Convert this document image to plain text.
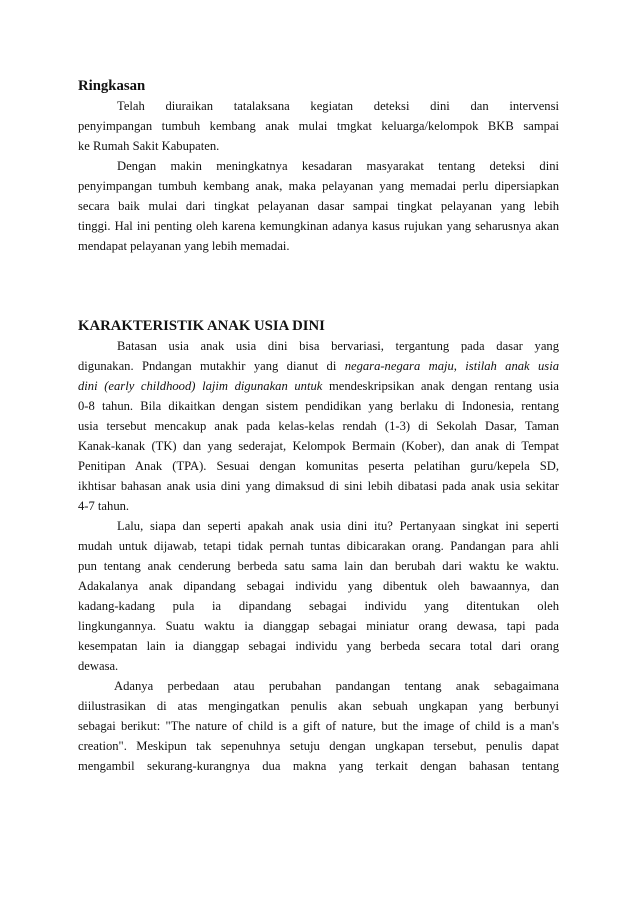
Ringkasan

Telah diuraikan tatalaksana kegiatan deteksi dini dan intervensi
penyimpangan tumbuh kembang anak mulai tmgkat keluarga/kelompok BKB sampai
ke Rumah Sakit Kabupaten.

Dengan makin meningkatnya kesadaran masyarakat tentang deteksi dini
penyimpangan tumbuh kembang anak, maka pelayanan yang memadai perlu dipersiapkan
secara baik mulai dari tingkat pelayanan dasar sampai tingkat pelayanan yang lebih
tinggi. Hal ini penting oleh karena kemungkinan adanya kasus rujukan yang seharusnya akan
mendapat pelayanan yang lebih memadai.

KARAKTERISTIK ANAK USIA DINI

Batasan usia anak usia dini bisa bervariasi, tergantung pada dasar yang
digunakan. Pndangan mutakhir yang dianut di negara-negara maju, istilah anak usia
dini (early childhood) lajim digunakan untuk mendeskripsikan anak dengan rentang usia
0-8 tahun. Bila dikaitkan dengan sistem pendidikan yang berlaku di Indonesia, rentang
usia tersebut mencakup anak pada kelas-kelas rendah (1-3) di Sekolah Dasar, Taman
Kanak-kanak (TK) dan yang sederajat, Kelompok Bermain (Kober), dan anak di Tempat
Penitipan Anak (TPA). Sesuai dengan komunitas peserta pelatihan guru/kepela SD,
ikhtisar bahasan anak usia dini yang dimaksud di sini lebih dibatasi pada anak usia sekitar
4-7 tahun.

Lalu, siapa dan seperti apakah anak usia dini itu? Pertanyaan singkat ini seperti
mudah untuk dijawab, tetapi tidak pernah tuntas dibicarakan orang. Pandangan para ahli
pun tentang anak cenderung berbeda satu sama lain dan berubah dari waktu ke waktu.
Adakalanya anak dipandang sebagai individu yang dibentuk oleh bawaannya, dan
kadang-kadang pula ia dipandang sebagai individu yang ditentukan oleh
lingkungannya. Suatu waktu ia dianggap sebagai miniatur orang dewasa, tapi pada
kesempatan lain ia dianggap sebagai individu yang berbeda secara total dari orang
dewasa.

Adanya perbedaan atau perubahan pandangan tentang anak sebagaimana
diilustrasikan di atas mengingatkan penulis akan sebuah ungkapan yang berbunyi
sebagai berikut: "The nature of child is a gift of nature, but the image of child is a man's
creation". Meskipun tak sepenuhnya setuju dengan ungkapan tersebut, penulis dapat
mengambil sekurang-kurangnya dua makna yang terkait dengan bahasan tentang
